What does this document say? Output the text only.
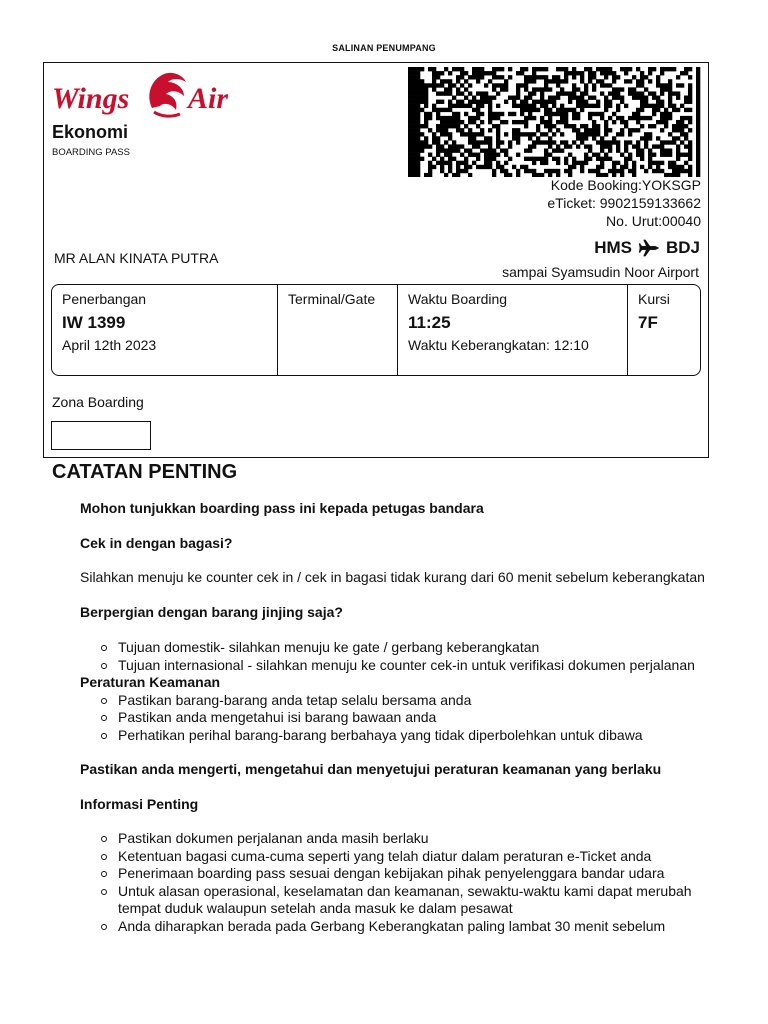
SALINAN PENUMPANG
Wings Air
Ekonomi
BOARDING PASS
Kode Booking:YOKSGP
eTicket: 9902159133662
No. Urut:00040
MR ALAN KINATA PUTRA
HMS BDJ
sampai Syamsudin Noor Airport
Penerbangan
IW 1399
April 12th 2023
Terminal/Gate	Waktu Boarding
11:25
Waktu Keberangkatan: 12:10
Kursi
7F
Zona Boarding
CATATAN PENTING

Mohon tunjukkan boarding pass ini kepada petugas bandara

Cek in dengan bagasi?

Silahkan menuju ke counter cek in / cek in bagasi tidak kurang dari 60 menit sebelum keberangkatan

Berpergian dengan barang jinjing saja?

Tujuan domestik- silahkan menuju ke gate / gerbang keberangkatan
Tujuan internasional - silahkan menuju ke counter cek-in untuk verifikasi dokumen perjalanan

Peraturan Keamanan

Pastikan barang-barang anda tetap selalu bersama anda
Pastikan anda mengetahui isi barang bawaan anda
Perhatikan perihal barang-barang berbahaya yang tidak diperbolehkan untuk dibawa

Pastikan anda mengerti, mengetahui dan menyetujui peraturan keamanan yang berlaku

Informasi Penting

Pastikan dokumen perjalanan anda masih berlaku
Ketentuan bagasi cuma-cuma seperti yang telah diatur dalam peraturan e-Ticket anda
Penerimaan boarding pass sesuai dengan kebijakan pihak penyelenggara bandar udara
Untuk alasan operasional, keselamatan dan keamanan, sewaktu-waktu kami dapat merubah tempat duduk walaupun setelah anda masuk ke dalam pesawat
Anda diharapkan berada pada Gerbang Keberangkatan paling lambat 30 menit sebelum
